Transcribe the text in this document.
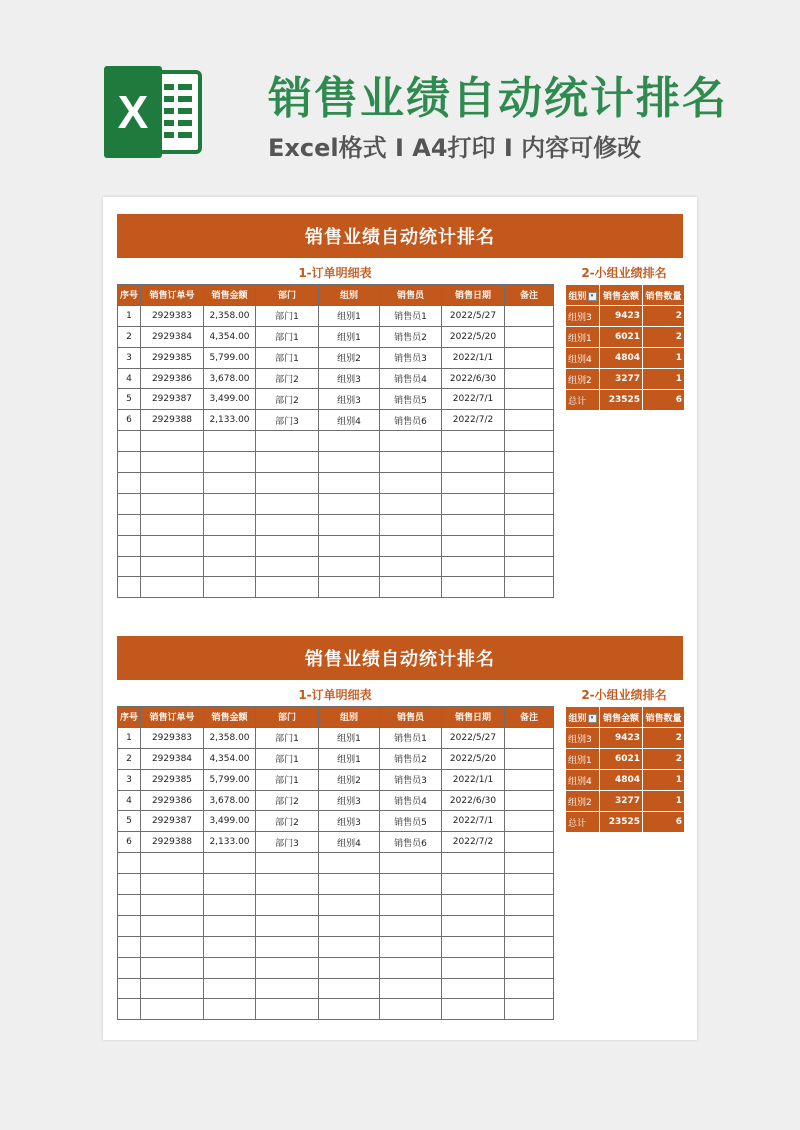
X	销售业绩自动统计排名

Excel格式 I A4打印 I 内容可修改

销售业绩自动统计排名
1-订单明细表	2-小组业绩排名
序号	销售订单号	销售金额	部门	组别	销售员	销售日期	备注
1	2929383	2,358.00	部门1	组别1	销售员1	2022/5/27	
2	2929384	4,354.00	部门1	组别1	销售员2	2022/5/20	
3	2929385	5,799.00	部门1	组别2	销售员3	2022/1/1	
4	2929386	3,678.00	部门2	组别3	销售员4	2022/6/30	
5	2929387	3,499.00	部门2	组别3	销售员5	2022/7/1	
6	2929388	2,133.00	部门3	组别4	销售员6	2022/7/2	

组别 ▾	销售金额	销售数量
组别3	9423	2
组别1	6021	2
组别4	4804	1
组别2	3277	1
总计	23525	6
销售业绩自动统计排名
1-订单明细表	2-小组业绩排名
序号	销售订单号	销售金额	部门	组别	销售员	销售日期	备注
1	2929383	2,358.00	部门1	组别1	销售员1	2022/5/27	
2	2929384	4,354.00	部门1	组别1	销售员2	2022/5/20	
3	2929385	5,799.00	部门1	组别2	销售员3	2022/1/1	
4	2929386	3,678.00	部门2	组别3	销售员4	2022/6/30	
5	2929387	3,499.00	部门2	组别3	销售员5	2022/7/1	
6	2929388	2,133.00	部门3	组别4	销售员6	2022/7/2	

组别 ▾	销售金额	销售数量
组别3	9423	2
组别1	6021	2
组别4	4804	1
组别2	3277	1
总计	23525	6
